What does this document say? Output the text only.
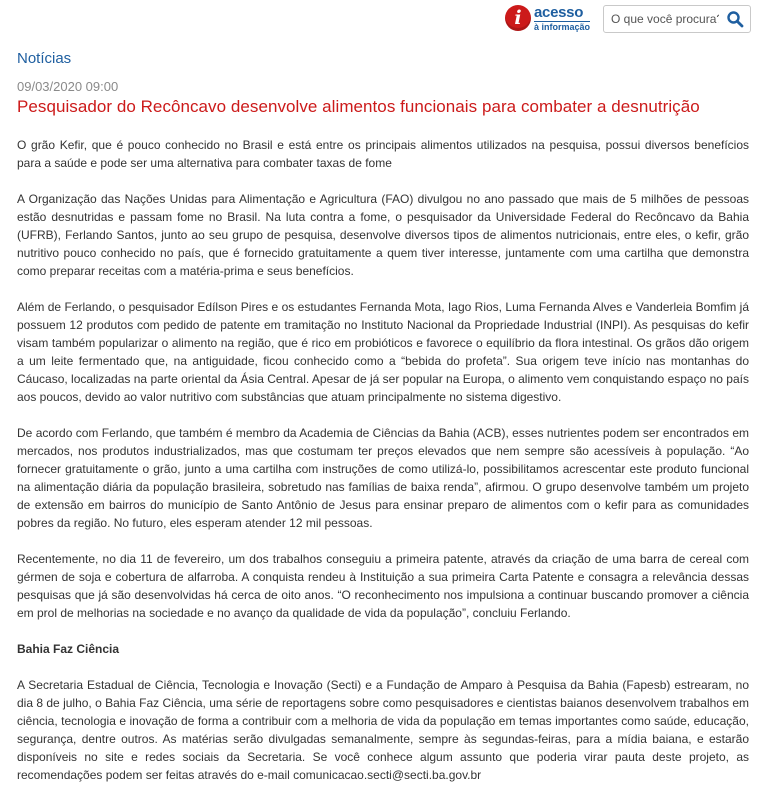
i acesso
à informação
O que você procura?
Notícias
09/03/2020 09:00
Pesquisador do Recôncavo desenvolve alimentos funcionais para combater a desnutrição

O grão Kefir, que é pouco conhecido no Brasil e está entre os principais alimentos utilizados na pesquisa, possui diversos benefícios para a saúde e pode ser uma alternativa para combater taxas de fome

A Organização das Nações Unidas para Alimentação e Agricultura (FAO) divulgou no ano passado que mais de 5 milhões de pessoas estão desnutridas e passam fome no Brasil. Na luta contra a fome, o pesquisador da Universidade Federal do Recôncavo da Bahia (UFRB), Ferlando Santos, junto ao seu grupo de pesquisa, desenvolve diversos tipos de alimentos nutricionais, entre eles, o kefir, grão nutritivo pouco conhecido no país, que é fornecido gratuitamente a quem tiver interesse, juntamente com uma cartilha que demonstra como preparar receitas com a matéria-prima e seus benefícios.

Além de Ferlando, o pesquisador Edílson Pires e os estudantes Fernanda Mota, Iago Rios, Luma Fernanda Alves e Vanderleia Bomfim já possuem 12 produtos com pedido de patente em tramitação no Instituto Nacional da Propriedade Industrial (INPI). As pesquisas do kefir visam também popularizar o alimento na região, que é rico em probióticos e favorece o equilíbrio da flora intestinal. Os grãos dão origem a um leite fermentado que, na antiguidade, ficou conhecido como a “bebida do profeta”. Sua origem teve início nas montanhas do Cáucaso, localizadas na parte oriental da Ásia Central. Apesar de já ser popular na Europa, o alimento vem conquistando espaço no país aos poucos, devido ao valor nutritivo com substâncias que atuam principalmente no sistema digestivo.

De acordo com Ferlando, que também é membro da Academia de Ciências da Bahia (ACB), esses nutrientes podem ser encontrados em mercados, nos produtos industrializados, mas que costumam ter preços elevados que nem sempre são acessíveis à população. “Ao fornecer gratuitamente o grão, junto a uma cartilha com instruções de como utilizá-lo, possibilitamos acrescentar este produto funcional na alimentação diária da população brasileira, sobretudo nas famílias de baixa renda”, afirmou. O grupo desenvolve também um projeto de extensão em bairros do município de Santo Antônio de Jesus para ensinar preparo de alimentos com o kefir para as comunidades pobres da região. No futuro, eles esperam atender 12 mil pessoas.

Recentemente, no dia 11 de fevereiro, um dos trabalhos conseguiu a primeira patente, através da criação de uma barra de cereal com gérmen de soja e cobertura de alfarroba. A conquista rendeu à Instituição a sua primeira Carta Patente e consagra a relevância dessas pesquisas que já são desenvolvidas há cerca de oito anos. “O reconhecimento nos impulsiona a continuar buscando promover a ciência em prol de melhorias na sociedade e no avanço da qualidade de vida da população”, concluiu Ferlando.

Bahia Faz Ciência

A Secretaria Estadual de Ciência, Tecnologia e Inovação (Secti) e a Fundação de Amparo à Pesquisa da Bahia (Fapesb) estrearam, no dia 8 de julho, o Bahia Faz Ciência, uma série de reportagens sobre como pesquisadores e cientistas baianos desenvolvem trabalhos em ciência, tecnologia e inovação de forma a contribuir com a melhoria de vida da população em temas importantes como saúde, educação, segurança, dentre outros. As matérias serão divulgadas semanalmente, sempre às segundas-feiras, para a mídia baiana, e estarão disponíveis no site e redes sociais da Secretaria. Se você conhece algum assunto que poderia virar pauta deste projeto, as recomendações podem ser feitas através do e-mail comunicacao.secti@secti.ba.gov.br
